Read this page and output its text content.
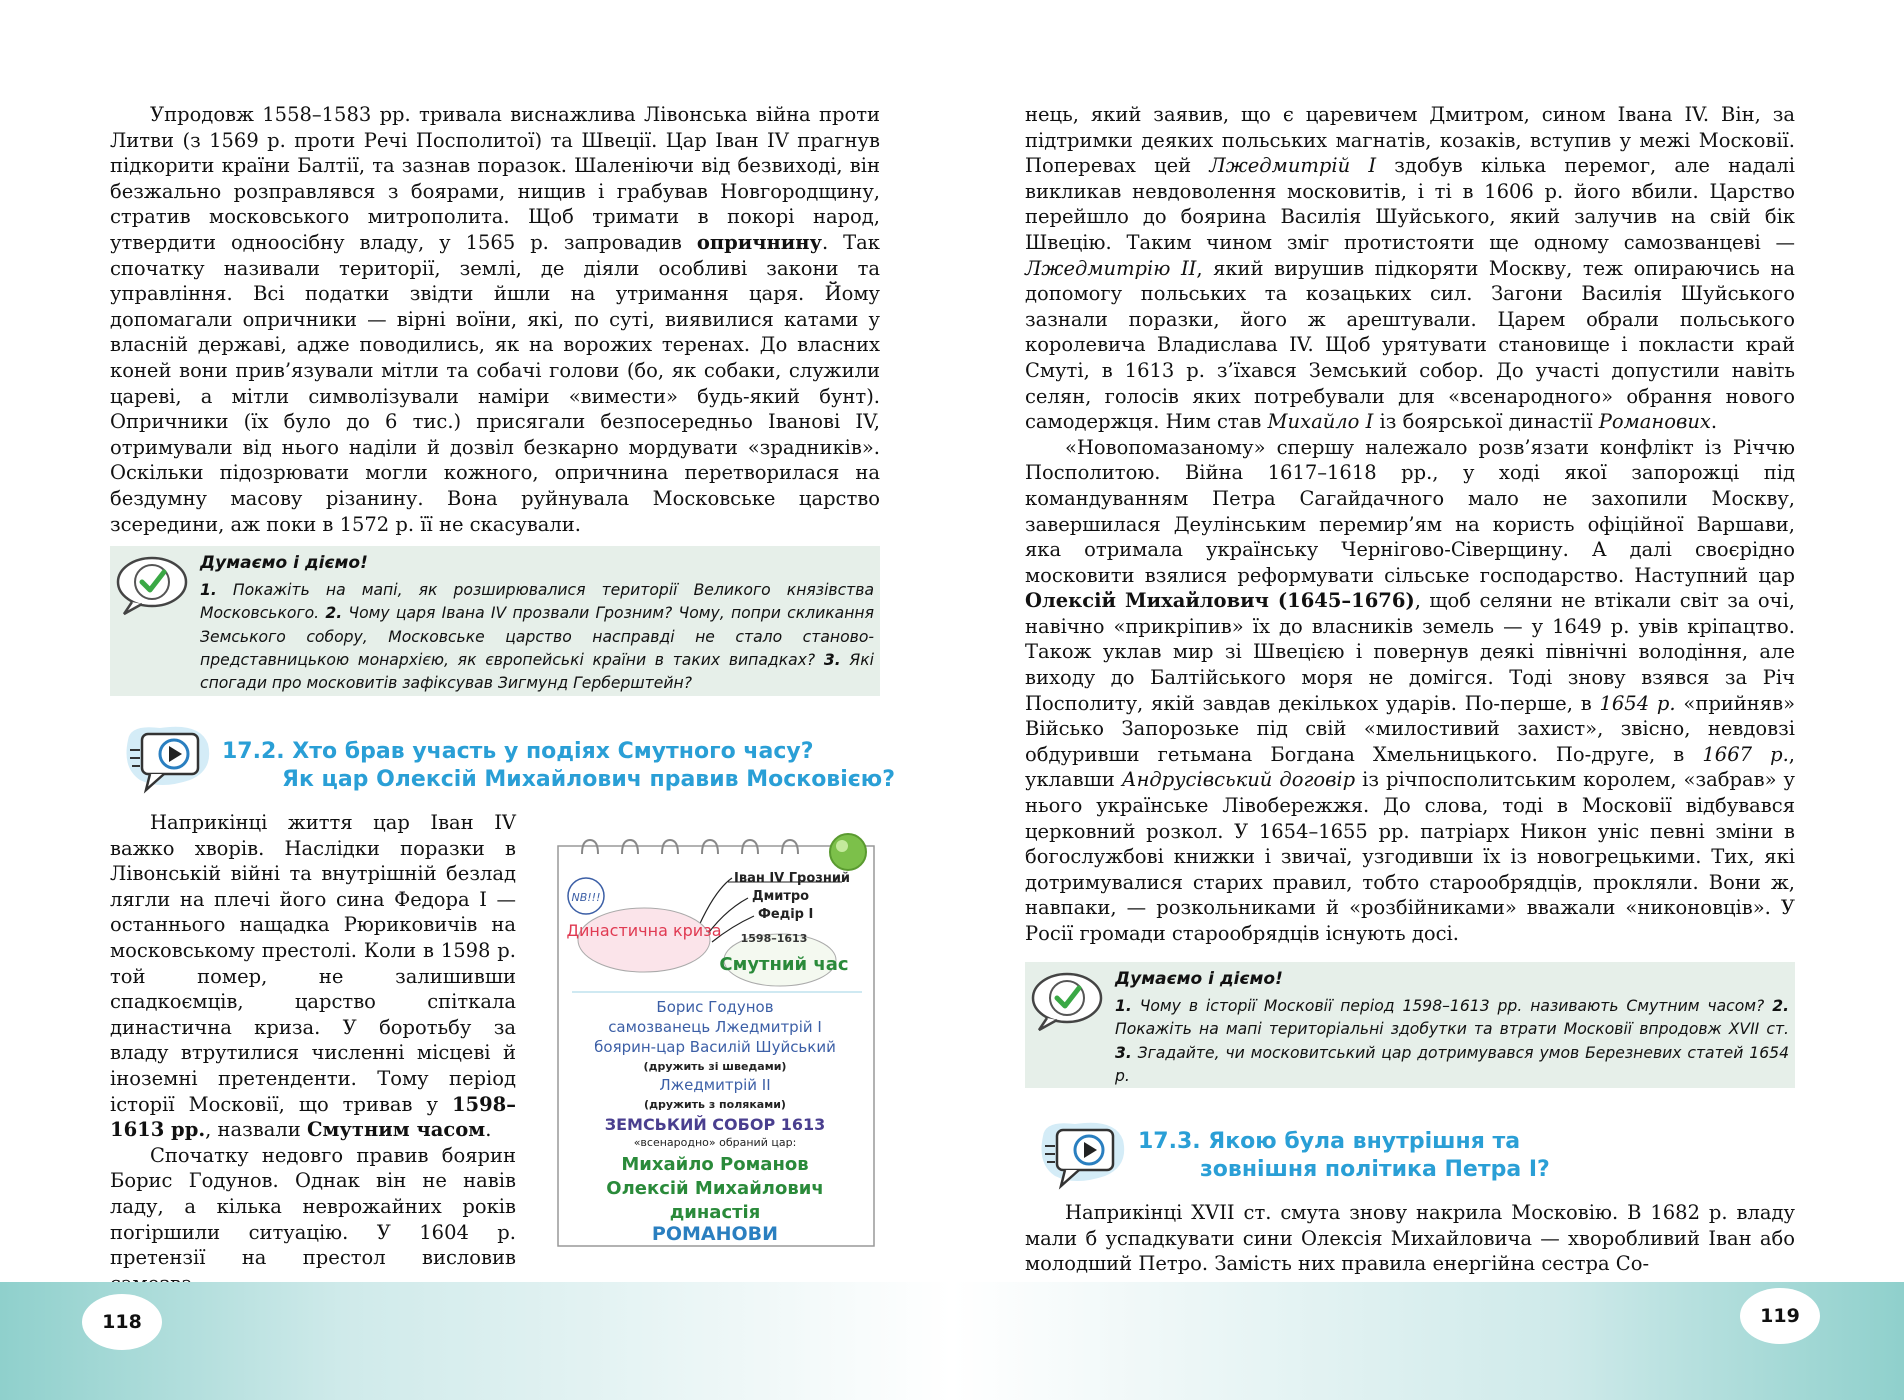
Упродовж 1558–1583 рр. тривала виснажлива Лівонська війна проти Литви (з 1569 р. проти Речі Посполитої) та Швеції. Цар Іван IV прагнув підкорити країни Балтії, та зазнав поразок. Шаленіючи від безвиході, він безжально розправлявся з боярами, нищив і грабував Новгородщину, стратив московського митрополита. Щоб тримати в покорі народ, утвердити одноосібну владу, у 1565 р. запровадив опричнину. Так спочатку називали території, землі, де діяли особливі закони та управління. Всі податки звідти йшли на утримання царя. Йому допомагали опричники — вірні воїни, які, по суті, виявилися катами у власній державі, адже поводились, як на ворожих теренах. До власних коней вони прив’язували мітли та собачі голови (бо, як собаки, служили цареві, а мітли символізували наміри «вимести» будь-який бунт). Опричники (їх було до 6 тис.) присягали безпосередньо Іванові IV, отримували від нього наділи й дозвіл безкарно мордувати «зрадників». Оскільки підозрювати могли кожного, опричнина перетворилася на бездумну масову різанину. Вона руйнувала Московське царство зсередини, аж поки в 1572 р. її не скасували.

Думаємо і діємо!
1. Покажіть на мапі, як розширювалися території Великого князівства Московського. 2. Чому царя Івана IV прозвали Грозним? Чому, попри скликання Земського собору, Московське царство насправді не стало станово-представницькою монархією, як європейські країни в таких випадках? 3. Які спогади про московитів зафіксував Зигмунд Герберштейн?
17.2. Хто брав участь у подіях Смутного часу?
Як цар Олексій Михайлович правив Московією?

Наприкінці життя цар Іван IV важко хворів. Наслідки поразки в Лівонській війні та внутрішній безлад лягли на плечі його сина Федора I — останнього нащадка Рюриковичів на московському престолі. Коли в 1598 р. той помер, не залишивши спадкоємців, царство спіткала династична криза. У боротьбу за владу втрутилися численні місцеві й іноземні претенденти. Тому період історії Московії, що тривав у 1598–1613 рр., назвали Смутним часом.

Спочатку недовго правив боярин Борис Годунов. Однак він не навів ладу, а кілька неврожайних років погіршили ситуацію. У 1604 р. претензії на престол висловив

NB!!!
Іван IV Грозний
Дмитро
Федір I
Династична криза 1598–1613
Смутний час
Борис Годунов
самозванець Лжедмитрій I
боярин-цар Василій Шуйський
(дружить зі шведами)
Лжедмитрій II
(дружить з поляками)
ЗЕМСЬКИЙ СОБОР 1613
«всенародно» обраний цар:
Михайло Романов
Олексій Михайлович
династія
РОМАНОВИ

нець, який заявив, що є царевичем Дмитром, сином Івана IV. Він, за підтримки деяких польських магнатів, козаків, вступив у межі Московії. Поперевах цей Лжедмитрій I здобув кілька перемог, але надалі викликав невдоволення московитів, і ті в 1606 р. його вбили. Царство перейшло до боярина Василія Шуйського, який залучив на свій бік Швецію. Таким чином зміг протистояти ще одному самозванцеві — Лжедмитрію II, який вирушив підкоряти Москву, теж опираючись на допомогу польських та козацьких сил. Загони Василія Шуйського зазнали поразки, його ж арештували. Царем обрали польського королевича Владислава IV. Щоб урятувати становище і покласти край Смуті, в 1613 р. з’їхався Земський собор. До участі допустили навіть селян, голосів яких потребували для «всенародного» обрання нового самодержця. Ним став Михайло I із боярської династії Романових.

«Новопомазаному» спершу належало розв’язати конфлікт із Річчю Посполитою. Війна 1617–1618 рр., у ході якої запорожці під командуванням Петра Сагайдачного мало не захопили Москву, завершилася Деулінським перемир’ям на користь офіційної Варшави, яка отримала українську Чернігово-Сіверщину. А далі своєрідно московити взялися реформувати сільське господарство. Наступний цар Олексій Михайлович (1645–1676), щоб селяни не втікали світ за очі, навічно «прикріпив» їх до власників земель — у 1649 р. увів кріпацтво. Також уклав мир зі Швецією і повернув деякі північні володіння, але виходу до Балтійського моря не домігся. Тоді знову взявся за Річ Посполиту, якій завдав декількох ударів. По-перше, в 1654 р. «прийняв» Військо Запорозьке під свій «милостивий захист», звісно, невдовзі обдуривши гетьмана Богдана Хмельницького. По-друге, в 1667 р., уклавши Андрусівський договір із річпосполитським королем, «забрав» у нього українське Лівобережжя. До слова, тоді в Московії відбувався церковний розкол. У 1654–1655 рр. патріарх Никон уніс певні зміни в богослужбові книжки і звичаї, узгодивши їх із новогрецькими. Тих, які дотримувалися старих правил, тобто старообрядців, прокляли. Вони ж, навпаки, — розкольниками й «розбійниками» вважали «никоновців». У Росії громади старообрядців існують досі.

Думаємо і діємо!
1. Чому в історії Московії період 1598–1613 рр. називають Смутним часом? 2. Покажіть на мапі територіальні здобутки та втрати Московії впродовж XVII ст. 3. Згадайте, чи московитський цар дотримувався умов Березневих статей 1654 р.
17.3. Якою була внутрішня та
зовнішня політика Петра I?

Наприкінці XVII ст. смута знову накрила Московію. В 1682 р. владу мали б успадкувати сини Олексія Михайловича — хворобливий Іван або молодший Петро. Замість них правила енергійна сестра Со-

118	119
